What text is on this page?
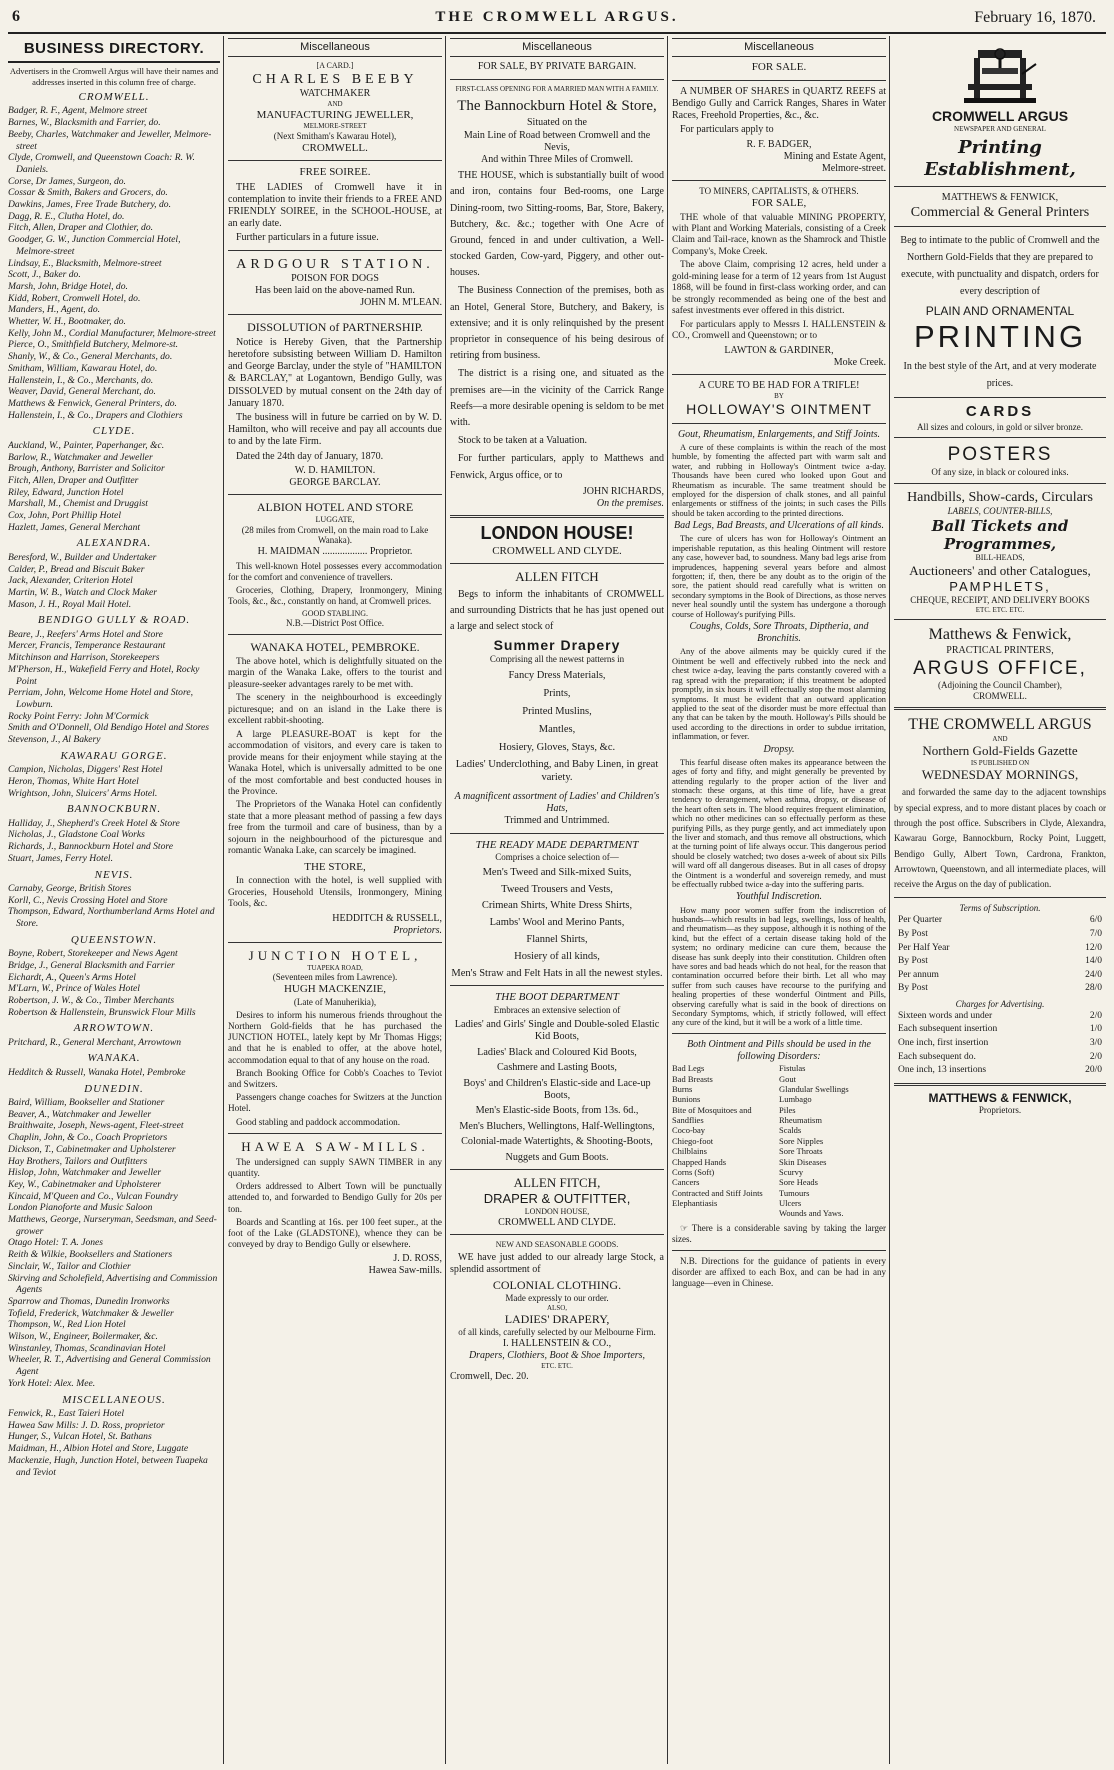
6	THE CROMWELL ARGUS.	February 16, 1870.
BUSINESS DIRECTORY.
Advertisers in the Cromwell Argus will have their names and addresses inserted in this column free of charge.
CROMWELL.
Badger, R. F., Agent, Melmore street
Barnes, W., Blacksmith and Farrier, do.
Beeby, Charles, Watchmaker and Jeweller, Melmore-street
Clyde, Cromwell, and Queenstown Coach: R. W. Daniels.
Corse, Dr James, Surgeon, do.
Cossar & Smith, Bakers and Grocers, do.
Dawkins, James, Free Trade Butchery, do.
Dagg, R. E., Clutha Hotel, do.
Fitch, Allen, Draper and Clothier, do.
Goodger, G. W., Junction Commercial Hotel, Melmore-street
Lindsay, E., Blacksmith, Melmore-street
Scott, J., Baker do.
Marsh, John, Bridge Hotel, do.
Kidd, Robert, Cromwell Hotel, do.
Manders, H., Agent, do.
Whetter, W. H., Bootmaker, do.
Kelly, John M., Cordial Manufacturer, Melmore-street
Pierce, O., Smithfield Butchery, Melmore-st.
Shanly, W., & Co., General Merchants, do.
Smitham, William, Kawarau Hotel, do.
Hallenstein, I., & Co., Merchants, do.
Weaver, David, General Merchant, do.
Matthews & Fenwick, General Printers, do.
Hallenstein, I., & Co., Drapers and Clothiers
CLYDE.
Auckland, W., Painter, Paperhanger, &c.
Barlow, R., Watchmaker and Jeweller
Brough, Anthony, Barrister and Solicitor
Fitch, Allen, Draper and Outfitter
Riley, Edward, Junction Hotel
Marshall, M., Chemist and Druggist
Cox, John, Port Phillip Hotel
Hazlett, James, General Merchant
ALEXANDRA.
Beresford, W., Builder and Undertaker
Calder, P., Bread and Biscuit Baker
Jack, Alexander, Criterion Hotel
Martin, W. B., Watch and Clock Maker
Mason, J. H., Royal Mail Hotel.
BENDIGO GULLY & ROAD.
Beare, J., Reefers' Arms Hotel and Store
Mercer, Francis, Temperance Restaurant
Mitchinson and Harrison, Storekeepers
M'Pherson, H., Wakefield Ferry and Hotel, Rocky Point
Perriam, John, Welcome Home Hotel and Store, Lowburn.
Rocky Point Ferry: John M'Cormick
Smith and O'Donnell, Old Bendigo Hotel and Stores
Stevenson, J., Al Bakery
KAWARAU GORGE.
Campion, Nicholas, Diggers' Rest Hotel
Heron, Thomas, White Hart Hotel
Wrightson, John, Sluicers' Arms Hotel.
BANNOCKBURN.
Halliday, J., Shepherd's Creek Hotel & Store
Nicholas, J., Gladstone Coal Works
Richards, J., Bannockburn Hotel and Store
Stuart, James, Ferry Hotel.
NEVIS.
Carnaby, George, British Stores
Korll, C., Nevis Crossing Hotel and Store
Thompson, Edward, Northumberland Arms Hotel and Store.
QUEENSTOWN.
Boyne, Robert, Storekeeper and News Agent
Bridge, J., General Blacksmith and Farrier
Eichardt, A., Queen's Arms Hotel
M'Larn, W., Prince of Wales Hotel
Robertson, J. W., & Co., Timber Merchants
Robertson & Hallenstein, Brunswick Flour Mills
ARROWTOWN.
Pritchard, R., General Merchant, Arrowtown
WANAKA.
Hedditch & Russell, Wanaka Hotel, Pembroke
DUNEDIN.
Baird, William, Bookseller and Stationer
Beaver, A., Watchmaker and Jeweller
Braithwaite, Joseph, News-agent, Fleet-street
Chaplin, John, & Co., Coach Proprietors
Dickson, T., Cabinetmaker and Upholsterer
Hay Brothers, Tailors and Outfitters
Hislop, John, Watchmaker and Jeweller
Key, W., Cabinetmaker and Upholsterer
Kincaid, M'Queen and Co., Vulcan Foundry
London Pianoforte and Music Saloon
Matthews, George, Nurseryman, Seedsman, and Seed-grower
Otago Hotel: T. A. Jones
Reith & Wilkie, Booksellers and Stationers
Sinclair, W., Tailor and Clothier
Skirving and Scholefield, Advertising and Commission Agents
Sparrow and Thomas, Dunedin Ironworks
Tofield, Frederick, Watchmaker & Jeweller
Thompson, W., Red Lion Hotel
Wilson, W., Engineer, Boilermaker, &c.
Winstanley, Thomas, Scandinavian Hotel
Wheeler, R. T., Advertising and General Commission Agent
York Hotel: Alex. Mee.
MISCELLANEOUS.
Fenwick, R., East Taieri Hotel
Hawea Saw Mills: J. D. Ross, proprietor
Hunger, S., Vulcan Hotel, St. Bathans
Maidman, H., Albion Hotel and Store, Luggate
Mackenzie, Hugh, Junction Hotel, between Tuapeka and Teviot
Miscellaneous
[A CARD.]
CHARLES BEEBY
WATCHMAKER
AND
MANUFACTURING JEWELLER,
MELMORE-STREET
(Next Smitham's Kawarau Hotel),
CROMWELL.
FREE SOIREE.

THE LADIES of Cromwell have it in contemplation to invite their friends to a FREE AND FRIENDLY SOIREE, in the SCHOOL-HOUSE, at an early date.

Further particulars in a future issue.

ARDGOUR STATION.
POISON FOR DOGS
Has been laid on the above-named Run.
JOHN M. M'LEAN.
DISSOLUTION of PARTNERSHIP.

Notice is Hereby Given, that the Partnership heretofore subsisting between William D. Hamilton and George Barclay, under the style of "HAMILTON & BARCLAY," at Logantown, Bendigo Gully, was DISSOLVED by mutual consent on the 24th day of January 1870.

The business will in future be carried on by W. D. Hamilton, who will receive and pay all accounts due to and by the late Firm.

Dated the 24th day of January, 1870.

W. D. HAMILTON.
GEORGE BARCLAY.
ALBION HOTEL AND STORE
LUGGATE,
(28 miles from Cromwell, on the main road to Lake Wanaka).
H. MAIDMAN .................. Proprietor.

This well-known Hotel possesses every accommodation for the comfort and convenience of travellers.

Groceries, Clothing, Drapery, Ironmongery, Mining Tools, &c., &c., constantly on hand, at Cromwell prices.

GOOD STABLING.
N.B.—District Post Office.
WANAKA HOTEL, PEMBROKE.

The above hotel, which is delightfully situated on the margin of the Wanaka Lake, offers to the tourist and pleasure-seeker advantages rarely to be met with.

The scenery in the neighbourhood is exceedingly picturesque; and on an island in the Lake there is excellent rabbit-shooting.

A large PLEASURE-BOAT is kept for the accommodation of visitors, and every care is taken to provide means for their enjoyment while staying at the Wanaka Hotel, which is universally admitted to be one of the most comfortable and best conducted houses in the Province.

The Proprietors of the Wanaka Hotel can confidently state that a more pleasant method of passing a few days free from the turmoil and care of business, than by a sojourn in the neighbourhood of the picturesque and romantic Wanaka Lake, can scarcely be imagined.

THE STORE,

In connection with the hotel, is well supplied with Groceries, Household Utensils, Ironmongery, Mining Tools, &c.

HEDDITCH & RUSSELL,
Proprietors.
JUNCTION HOTEL,
TUAPEKA ROAD,
(Seventeen miles from Lawrence).
HUGH MACKENZIE,
(Late of Manuherikia),

Desires to inform his numerous friends throughout the Northern Gold-fields that he has purchased the JUNCTION HOTEL, lately kept by Mr Thomas Higgs; and that he is enabled to offer, at the above hotel, accommodation equal to that of any house on the road.

Branch Booking Office for Cobb's Coaches to Teviot and Switzers.

Passengers change coaches for Switzers at the Junction Hotel.

Good stabling and paddock accommodation.

HAWEA SAW-MILLS.

The undersigned can supply SAWN TIMBER in any quantity.

Orders addressed to Albert Town will be punctually attended to, and forwarded to Bendigo Gully for 20s per ton.

Boards and Scantling at 16s. per 100 feet super., at the foot of the Lake (GLADSTONE), whence they can be conveyed by dray to Bendigo Gully or elsewhere.

J. D. ROSS,
Hawea Saw-mills.
Miscellaneous
FOR SALE, BY PRIVATE BARGAIN.
FIRST-CLASS OPENING FOR A MARRIED MAN WITH A FAMILY.
The Bannockburn Hotel & Store,
Situated on the
Main Line of Road between Cromwell and the Nevis,
And within Three Miles of Cromwell.

THE HOUSE, which is substantially built of wood and iron, contains four Bed-rooms, one Large Dining-room, two Sitting-rooms, Bar, Store, Bakery, Butchery, &c. &c.; together with One Acre of Ground, fenced in and under cultivation, a Well-stocked Garden, Cow-yard, Piggery, and other out-houses.

The Business Connection of the premises, both as an Hotel, General Store, Butchery, and Bakery, is extensive; and it is only relinquished by the present proprietor in consequence of his being desirous of retiring from business.

The district is a rising one, and situated as the premises are—in the vicinity of the Carrick Range Reefs—a more desirable opening is seldom to be met with.

Stock to be taken at a Valuation.

For further particulars, apply to Matthews and Fenwick, Argus office, or to

JOHN RICHARDS,
On the premises.
LONDON HOUSE!
CROMWELL AND CLYDE.
ALLEN FITCH

Begs to inform the inhabitants of CROMWELL and surrounding Districts that he has just opened out a large and select stock of

Summer Drapery
Comprising all the newest patterns in
Fancy Dress Materials,
Prints,
Printed Muslins,
Mantles,
Hosiery, Gloves, Stays, &c.
Ladies' Underclothing, and Baby Linen, in great variety.
A magnificent assortment of Ladies' and Children's Hats,
Trimmed and Untrimmed.
THE READY MADE DEPARTMENT
Comprises a choice selection of—
Men's Tweed and Silk-mixed Suits,
Tweed Trousers and Vests,
Crimean Shirts, White Dress Shirts,
Lambs' Wool and Merino Pants,
Flannel Shirts,
Hosiery of all kinds,
Men's Straw and Felt Hats in all the newest styles.
THE BOOT DEPARTMENT
Embraces an extensive selection of
Ladies' and Girls' Single and Double-soled Elastic Kid Boots,
Ladies' Black and Coloured Kid Boots,
Cashmere and Lasting Boots,
Boys' and Children's Elastic-side and Lace-up Boots,
Men's Elastic-side Boots, from 13s. 6d.,
Men's Bluchers, Wellingtons, Half-Wellingtons,
Colonial-made Watertights, & Shooting-Boots,
Nuggets and Gum Boots.
ALLEN FITCH,
DRAPER & OUTFITTER,
LONDON HOUSE,
CROMWELL AND CLYDE.
NEW AND SEASONABLE GOODS.

WE have just added to our already large Stock, a splendid assortment of

COLONIAL CLOTHING.
Made expressly to our order.
ALSO,
LADIES' DRAPERY,
of all kinds, carefully selected by our Melbourne Firm.
I. HALLENSTEIN & CO.,
Drapers, Clothiers, Boot & Shoe Importers,
ETC. ETC.
Cromwell, Dec. 20.
Miscellaneous
FOR SALE.

A NUMBER OF SHARES in QUARTZ REEFS at Bendigo Gully and Carrick Ranges, Shares in Water Races, Freehold Properties, &c., &c.

For particulars apply to

R. F. BADGER,
Mining and Estate Agent,
Melmore-street.
TO MINERS, CAPITALISTS, & OTHERS.
FOR SALE,

THE whole of that valuable MINING PROPERTY, with Plant and Working Materials, consisting of a Creek Claim and Tail-race, known as the Shamrock and Thistle Company's, Moke Creek.

The above Claim, comprising 12 acres, held under a gold-mining lease for a term of 12 years from 1st August 1868, will be found in first-class working order, and can be strongly recommended as being one of the best and safest investments ever offered in this district.

For particulars apply to Messrs I. HALLENSTEIN & CO., Cromwell and Queenstown; or to

LAWTON & GARDINER,
Moke Creek.
A CURE TO BE HAD FOR A TRIFLE!
BY
HOLLOWAY'S OINTMENT
Gout, Rheumatism, Enlargements, and Stiff Joints.

A cure of these complaints is within the reach of the most humble, by fomenting the affected part with warm salt and water, and rubbing in Holloway's Ointment twice a-day. Thousands have been cured who looked upon Gout and Rheumatism as incurable. The same treatment should be employed for the dispersion of chalk stones, and all painful enlargements or stiffness of the joints; in such cases the Pills should be taken according to the printed directions.

Bad Legs, Bad Breasts, and Ulcerations of all kinds.

The cure of ulcers has won for Holloway's Ointment an imperishable reputation, as this healing Ointment will restore any case, however bad, to soundness. Many bad legs arise from imprudences, happening several years before and almost forgotten; if, then, there be any doubt as to the origin of the sore, the patient should read carefully what is written on secondary symptoms in the Book of Directions, as those nerves never heal soundly until the system has undergone a thorough course of Holloway's purifying Pills.

Coughs, Colds, Sore Throats, Diptheria, and Bronchitis.

Any of the above ailments may be quickly cured if the Ointment be well and effectively rubbed into the neck and chest twice a-day, leaving the parts constantly covered with a rag spread with the preparation; if this treatment be adopted promptly, in six hours it will effectually stop the most alarming symptoms. It must be evident that an outward application applied to the seat of the disorder must be more effectual than any that can be taken by the mouth. Holloway's Pills should be used according to the directions in order to subdue irritation, inflammation, or fever.

Dropsy.

This fearful disease often makes its appearance between the ages of forty and fifty, and might generally be prevented by attending regularly to the proper action of the liver and stomach: these organs, at this time of life, have a great tendency to derangement, when asthma, dropsy, or disease of the heart often sets in. The blood requires frequent elimination, which no other medicines can so effectually perform as these purifying Pills, as they purge gently, and act immediately upon the liver and stomach, and thus remove all obstructions, which at the turning point of life always occur. This dangerous period should be closely watched; two doses a-week of about six Pills will ward off all dangerous diseases. But in all cases of dropsy the Ointment is a wonderful and sovereign remedy, and must be effectually rubbed twice a-day into the suffering parts.

Youthful Indiscretion.

How many poor women suffer from the indiscretion of husbands—which results in bad legs, swellings, loss of health, and rheumatism—as they suppose, although it is nothing of the kind, but the effect of a certain disease taking hold of the system; no ordinary medicine can cure them, because the disease has sunk deeply into their constitution. Children often have sores and bad heads which do not heal, for the reason that contamination occurred before their birth. Let all who may suffer from such causes have recourse to the purifying and healing properties of these wonderful Ointment and Pills, observing carefully what is said in the book of directions on Secondary Symptoms, which, if strictly followed, will effect any cure of the kind, but it will be a work of a little time.

Both Ointment and Pills should be used in the following Disorders:
Bad Legs
Bad Breasts
Burns
Bunions
Bite of Mosquitoes and Sandflies
Coco-bay
Chiego-foot
Chilblains
Chapped Hands
Corns (Soft)
Cancers
Contracted and Stiff Joints
Elephantiasis
Fistulas
Gout
Glandular Swellings
Lumbago
Piles
Rheumatism
Scalds
Sore Nipples
Sore Throats
Skin Diseases
Scurvy
Sore Heads
Tumours
Ulcers
Wounds and Yaws.

☞ There is a considerable saving by taking the larger sizes.

N.B. Directions for the guidance of patients in every disorder are affixed to each Box, and can be had in any language—even in Chinese.

CROMWELL ARGUS
NEWSPAPER AND GENERAL
Printing Establishment,
MATTHEWS & FENWICK,
Commercial & General Printers

Beg to intimate to the public of Cromwell and the Northern Gold-Fields that they are prepared to execute, with punctuality and dispatch, orders for every description of

PLAIN AND ORNAMENTAL
PRINTING

In the best style of the Art, and at very moderate prices.

CARDS
All sizes and colours, in gold or silver bronze.
POSTERS
Of any size, in black or coloured inks.
Handbills, Show-cards, Circulars
LABELS, COUNTER-BILLS,
Ball Tickets and Programmes,
BILL-HEADS,
Auctioneers' and other Catalogues,
PAMPHLETS,
CHEQUE, RECEIPT, AND DELIVERY BOOKS
ETC. ETC. ETC.
Matthews & Fenwick,
PRACTICAL PRINTERS,
ARGUS OFFICE,
(Adjoining the Council Chamber),
CROMWELL.
THE CROMWELL ARGUS
AND
Northern Gold-Fields Gazette
IS PUBLISHED ON
WEDNESDAY MORNINGS,

and forwarded the same day to the adjacent townships by special express, and to more distant places by coach or through the post office. Subscribers in Clyde, Alexandra, Kawarau Gorge, Bannockburn, Rocky Point, Luggett, Bendigo Gully, Albert Town, Cardrona, Frankton, Arrowtown, Queenstown, and all intermediate places, will receive the Argus on the day of publication.

Terms of Subscription.
Per Quarter	6/0
By Post	7/0
Per Half Year	12/0
By Post	14/0
Per annum	24/0
By Post	28/0
Charges for Advertising.
Sixteen words and under	2/0
Each subsequent insertion	1/0
One inch, first insertion	3/0
Each subsequent do.	2/0
One inch, 13 insertions	20/0
MATTHEWS & FENWICK,
Proprietors.
